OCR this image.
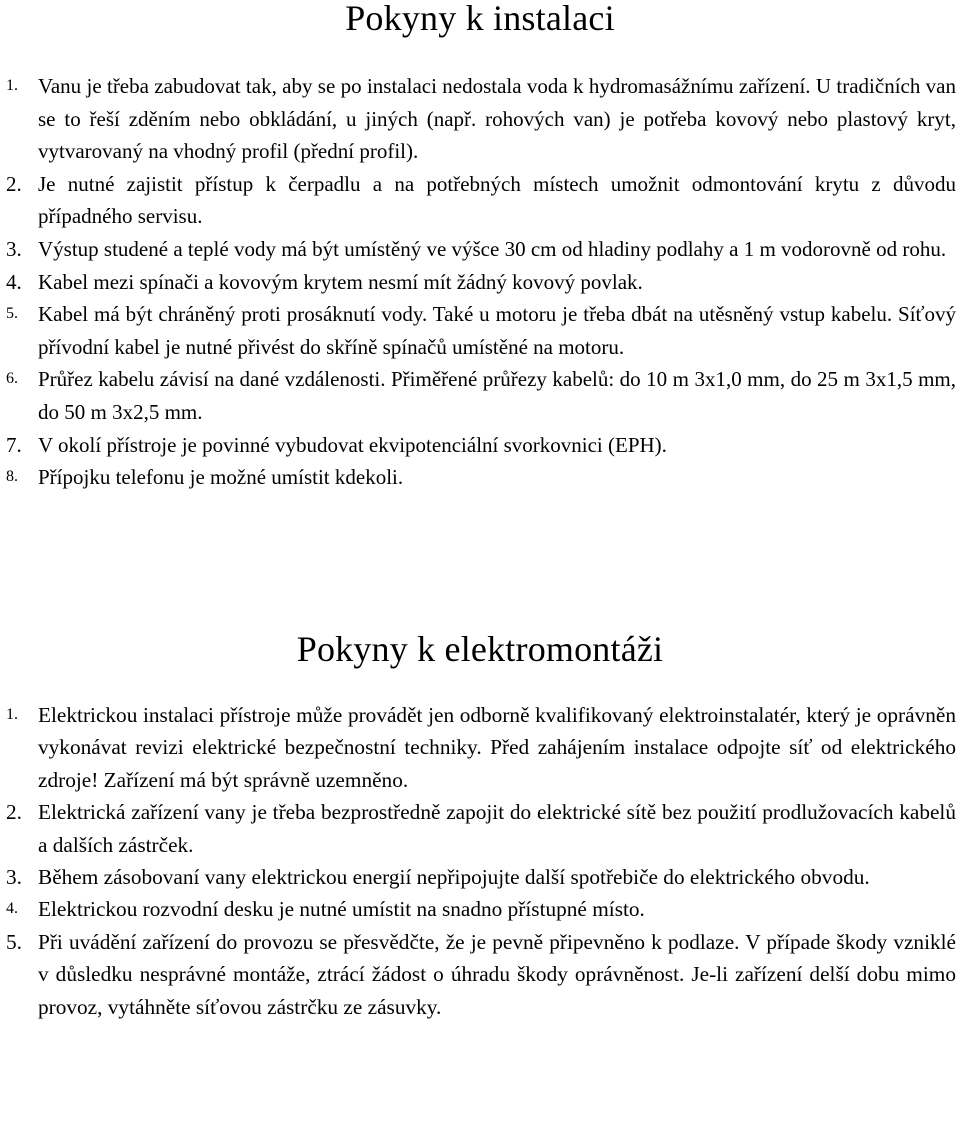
Pokyny k instalaci
1. Vanu je třeba zabudovat tak, aby se po instalaci nedostala voda k hydromasážnímu zařízení. U tradičních van se to řeší zděním nebo obkládání, u jiných (např. rohových van) je potřeba kovový nebo plastový kryt, vytvarovaný na vhodný profil (přední profil).
2. Je nutné zajistit přístup k čerpadlu a na potřebných místech umožnit odmontování krytu z důvodu případného servisu.
3. Výstup studené a teplé vody má být umístěný ve výšce 30 cm od hladiny podlahy a 1 m vodorovně od rohu.
4. Kabel mezi spínači a kovovým krytem nesmí mít žádný kovový povlak.
5. Kabel má být chráněný proti prosáknutí vody. Také u motoru je třeba dbát na utěsněný vstup kabelu. Síťový přívodní kabel je nutné přivést do skříně spínačů umístěné na motoru.
6. Průřez kabelu závisí na dané vzdálenosti. Přiměřené průřezy kabelů: do 10 m 3x1,0 mm, do 25 m 3x1,5 mm, do 50 m 3x2,5 mm.
7. V okolí přístroje je povinné vybudovat ekvipotenciální svorkovnici (EPH).
8. Přípojku telefonu je možné umístit kdekoli.
Pokyny k elektromontáži
1. Elektrickou instalaci přístroje může provádět jen odborně kvalifikovaný elektroinstalatér, který je oprávněn vykonávat revizi elektrické bezpečnostní techniky. Před zahájením instalace odpojte síť od elektrického zdroje! Zařízení má být správně uzemněno.
2. Elektrická zařízení vany je třeba bezprostředně zapojit do elektrické sítě bez použití prodlužovacích kabelů a dalších zástrček.
3. Během zásobovaní vany elektrickou energií nepřipojujte další spotřebiče do elektrického obvodu.
4. Elektrickou rozvodní desku je nutné umístit na snadno přístupné místo.
5. Při uvádění zařízení do provozu se přesvědčte, že je pevně připevněno k podlaze. V případe škody vzniklé v důsledku nesprávné montáže, ztrácí žádost o úhradu škody oprávněnost. Je-li zařízení delší dobu mimo provoz, vytáhněte síťovou zástrčku ze zásuvky.
